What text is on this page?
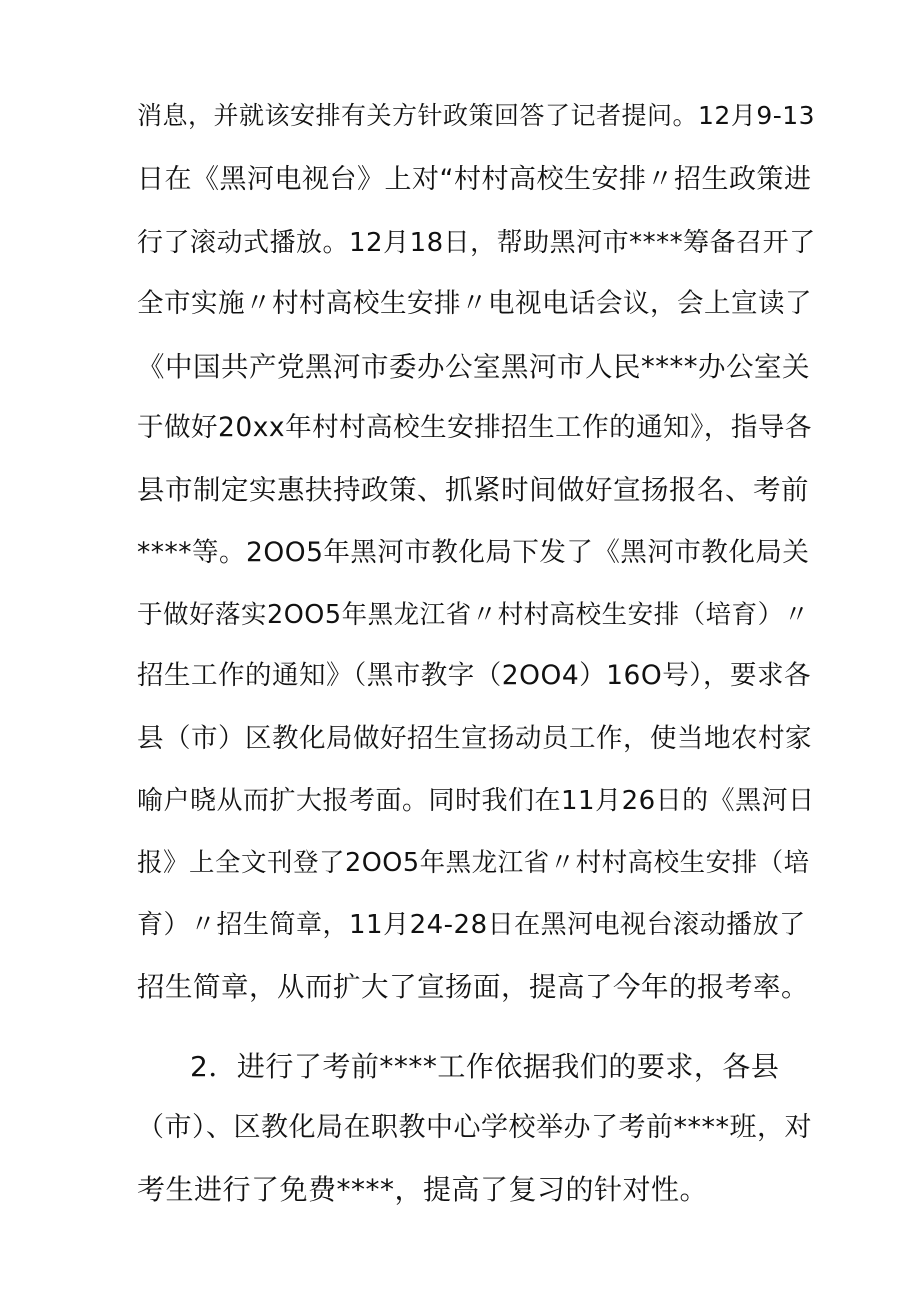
消息，并就该安排有关方针政策回答了记者提问。12月9-13

日在《黑河电视台》上对“村村高校生安排〃招生政策进

行了滚动式播放。12月18日，帮助黑河市****筹备召开了

全市实施〃村村高校生安排〃电视电话会议，会上宣读了

《中国共产党黑河市委办公室黑河市人民****办公室关

于做好20xx年村村高校生安排招生工作的通知》，指导各

县市制定实惠扶持政策、抓紧时间做好宣扬报名、考前

****等。2OO5年黑河市教化局下发了《黑河市教化局关

于做好落实2OO5年黑龙江省〃村村高校生安排（培育）〃

招生工作的通知》（黑市教字（2OO4）16O号），要求各

县（市）区教化局做好招生宣扬动员工作，使当地农村家

喻户晓从而扩大报考面。同时我们在11月26日的《黑河日

报》上全文刊登了2OO5年黑龙江省〃村村高校生安排（培

育）〃招生简章，11月24-28日在黑河电视台滚动播放了

招生简章，从而扩大了宣扬面，提高了今年的报考率。

2．进行了考前****工作依据我们的要求，各县

（市）、区教化局在职教中心学校举办了考前****班，对

考生进行了免费****，提高了复习的针对性。
